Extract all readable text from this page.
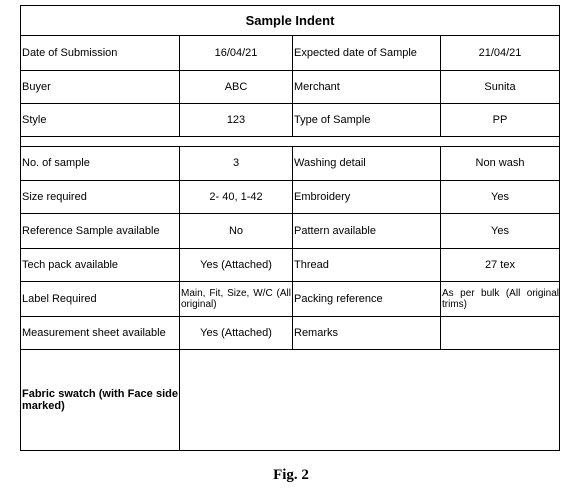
Sample Indent
Date of Submission	16/04/21	Expected date of Sample	21/04/21
Buyer	ABC	Merchant	Sunita
Style	123	Type of Sample	PP
No. of sample	3	Washing detail	Non wash
Size required	2- 40, 1-42	Embroidery	Yes
Reference Sample available	No	Pattern available	Yes
Tech pack available	Yes (Attached)	Thread	27 tex
Label Required	Main, Fit, Size, W/C (All original)	Packing reference	As per bulk (All original trims)
Measurement sheet available	Yes (Attached)	Remarks
Fabric swatch (with Face side marked)
Fig. 2
